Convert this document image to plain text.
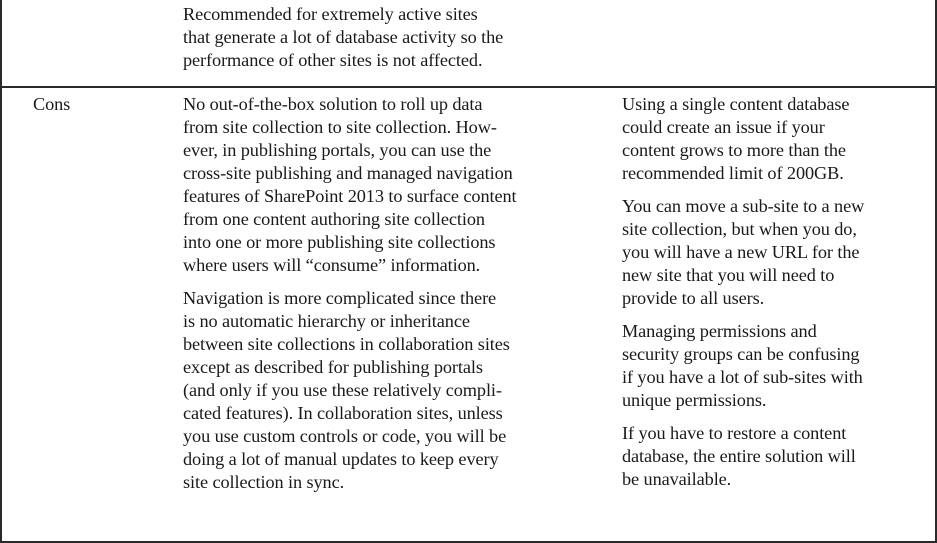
Recommended for extremely active sites
that generate a lot of database activity so the
performance of other sites is not affected.
Cons	No out-of-the-box solution to roll up data
from site collection to site collection. How-
ever, in publishing portals, you can use the
cross-site publishing and managed navigation
features of SharePoint 2013 to surface content
from one content authoring site collection
into one or more publishing site collections
where users will “consume” information.
Navigation is more complicated since there
is no automatic hierarchy or inheritance
between site collections in collaboration sites
except as described for publishing portals
(and only if you use these relatively compli-
cated features). In collaboration sites, unless
you use custom controls or code, you will be
doing a lot of manual updates to keep every
site collection in sync.
Using a single content database
could create an issue if your
content grows to more than the
recommended limit of 200GB.
You can move a sub-site to a new
site collection, but when you do,
you will have a new URL for the
new site that you will need to
provide to all users.
Managing permissions and
security groups can be confusing
if you have a lot of sub-sites with
unique permissions.
If you have to restore a content
database, the entire solution will
be unavailable.
